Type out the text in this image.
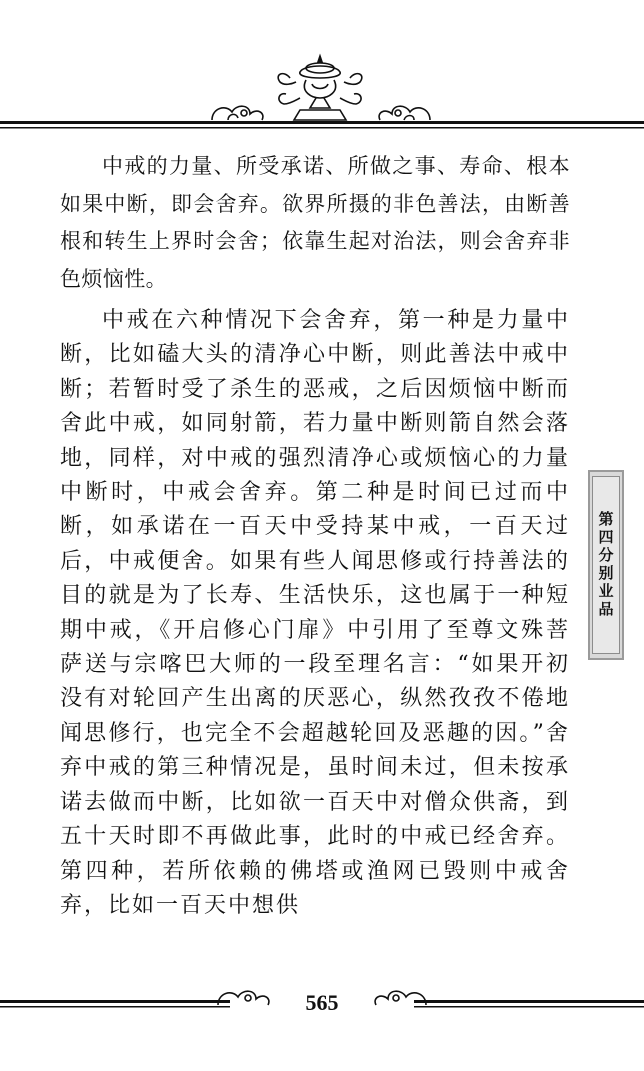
中戒的力量、所受承诺、所做之事、寿命、根本如果中断，即会舍弃。欲界所摄的非色善法，由断善根和转生上界时会舍；依靠生起对治法，则会舍弃非色烦恼性。

中戒在六种情况下会舍弃，第一种是力量中断，比如磕大头的清净心中断，则此善法中戒中断；若暂时受了杀生的恶戒，之后因烦恼中断而舍此中戒，如同射箭，若力量中断则箭自然会落地，同样，对中戒的强烈清净心或烦恼心的力量中断时，中戒会舍弃。第二种是时间已过而中断，如承诺在一百天中受持某中戒，一百天过后，中戒便舍。如果有些人闻思修或行持善法的目的就是为了长寿、生活快乐，这也属于一种短期中戒，《开启修心门扉》中引用了至尊文殊菩萨送与宗喀巴大师的一段至理名言：“如果开初没有对轮回产生出离的厌恶心，纵然孜孜不倦地闻思修行，也完全不会超越轮回及恶趣的因。”舍弃中戒的第三种情况是，虽时间未过，但未按承诺去做而中断，比如欲一百天中对僧众供斋，到五十天时即不再做此事，此时的中戒已经舍弃。第四种，若所依赖的佛塔或渔网已毁则中戒舍弃，比如一百天中想供

第四分别业品
565
